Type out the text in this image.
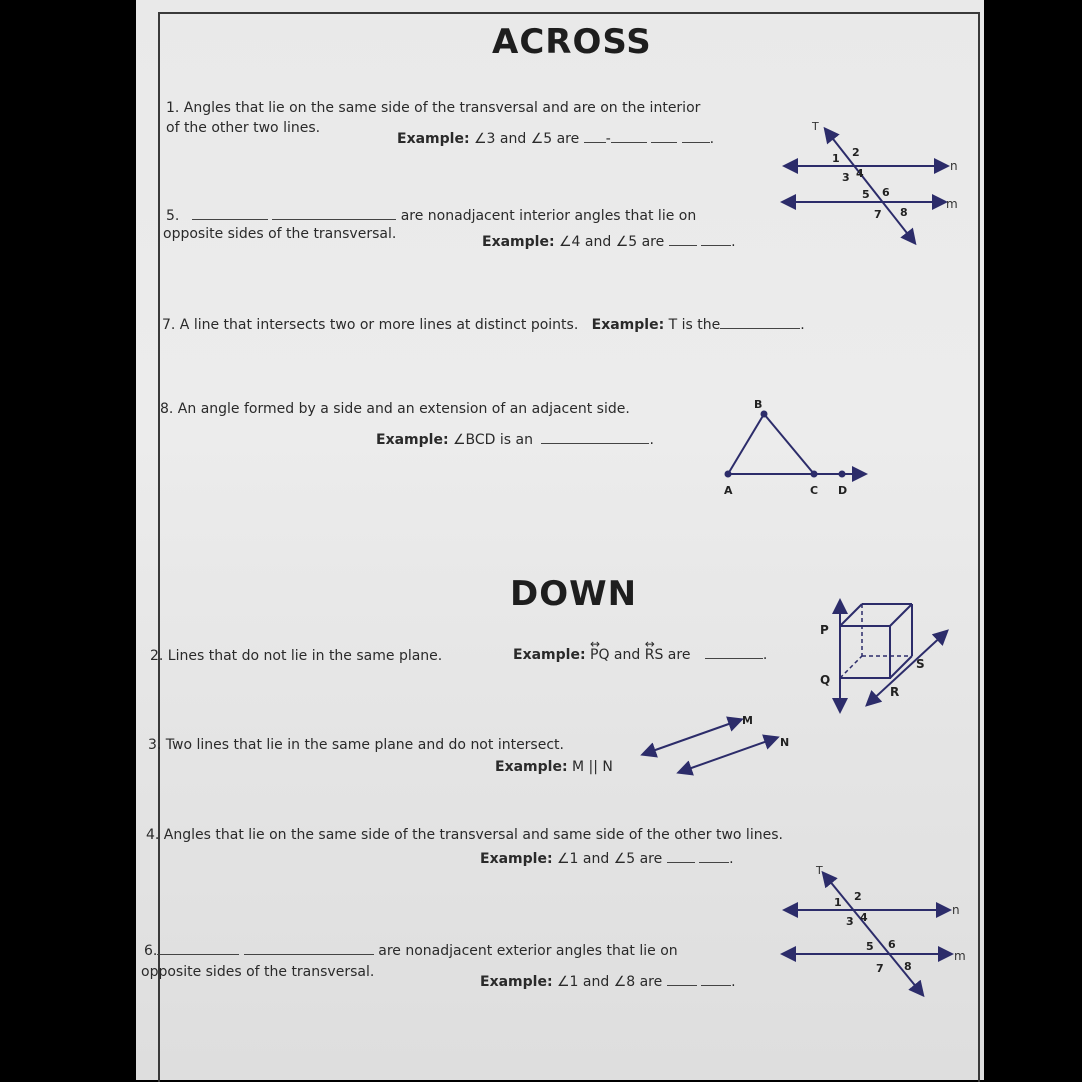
ACROSS
1. Angles that lie on the same side of the transversal and are on the interior
of the other two lines.
Example: ∠3 and ∠5 are -	.
5.	are nonadjacent interior angles that lie on
opposite sides of the transversal.	Example: ∠4 and ∠5 are	.
7. A line that intersects two or more lines at distinct points. Example: T is the	.
8. An angle formed by a side and an extension of an adjacent side.
Example: ∠BCD is an	.
DOWN
2. Lines that do not lie in the same plane.	Example:
↔
PQ and
↔
RS are	.
3. Two lines that lie in the same plane and do not intersect.
Example: M || N
4. Angles that lie on the same side of the transversal and same side of the other two lines.
Example: ∠1 and ∠5 are	.
6.	are nonadjacent exterior angles that lie on
opposite sides of the transversal.
Example: ∠1 and ∠8 are	.
T
n
m
1 2
3 4
5 6
7 8
B
A	C D
P
Q
R
S
M
N
T
n
m
1 2
3 4
5 6
7 8
